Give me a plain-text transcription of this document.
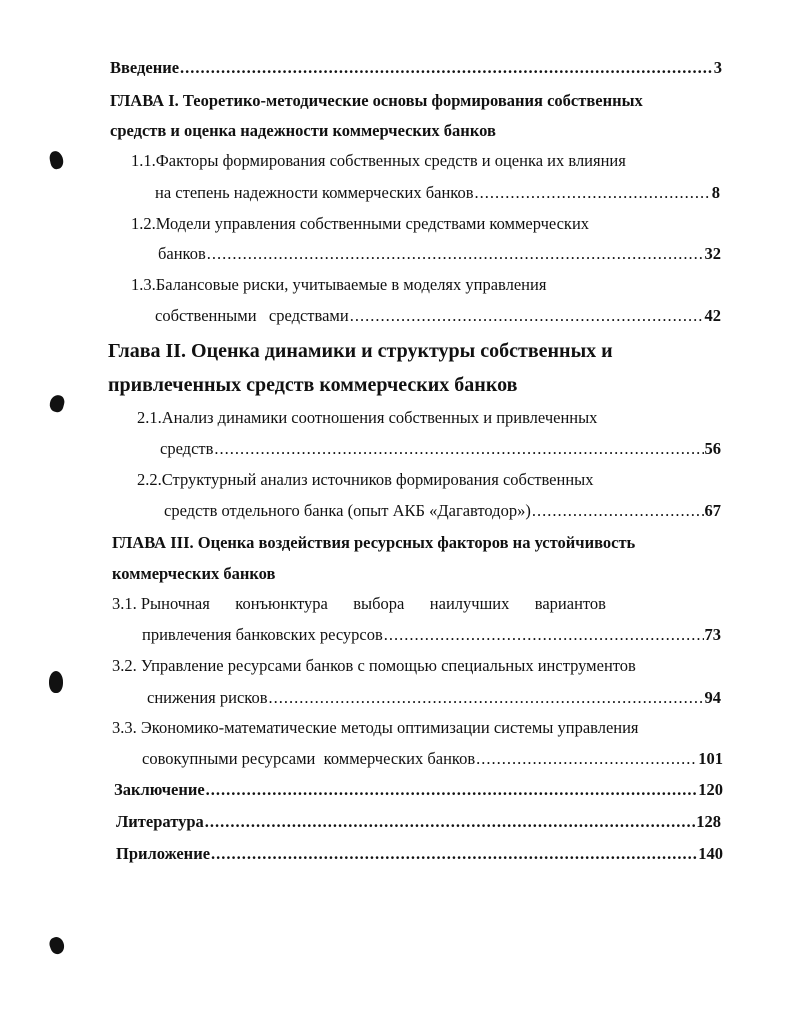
Введение .....	3
ГЛАВА I. Теоретико-методические основы формирования собственных
средств и оценка надежности коммерческих банков
1.1.Факторы формирования собственных средств и оценка их влияния
на степень надежности коммерческих банков .....	8
1.2.Модели управления собственными средствами коммерческих
банков .....	32
1.3.Балансовые риски, учитываемые в моделях управления
собственными   средствами .....	42
Глава II. Оценка динамики и структуры собственных и
привлеченных средств коммерческих банков
2.1.Анализ динамики соотношения собственных и привлеченных
средств .....	56
2.2.Структурный анализ источников формирования собственных
средств отдельного банка (опыт АКБ «Дагавтодор») .....	67
ГЛАВА III. Оценка воздействия ресурсных факторов на устойчивость
коммерческих банков
3.1. Рыночная конъюнктура выбора наилучших вариантов
привлечения банковских ресурсов .....	73
3.2. Управление ресурсами банков с помощью специальных инструментов
снижения рисков .....	94
3.3. Экономико-математические методы оптимизации системы управления
совокупными ресурсами  коммерческих банков .....	101
Заключение .....	120
Литература .....	128
Приложение .....	140
